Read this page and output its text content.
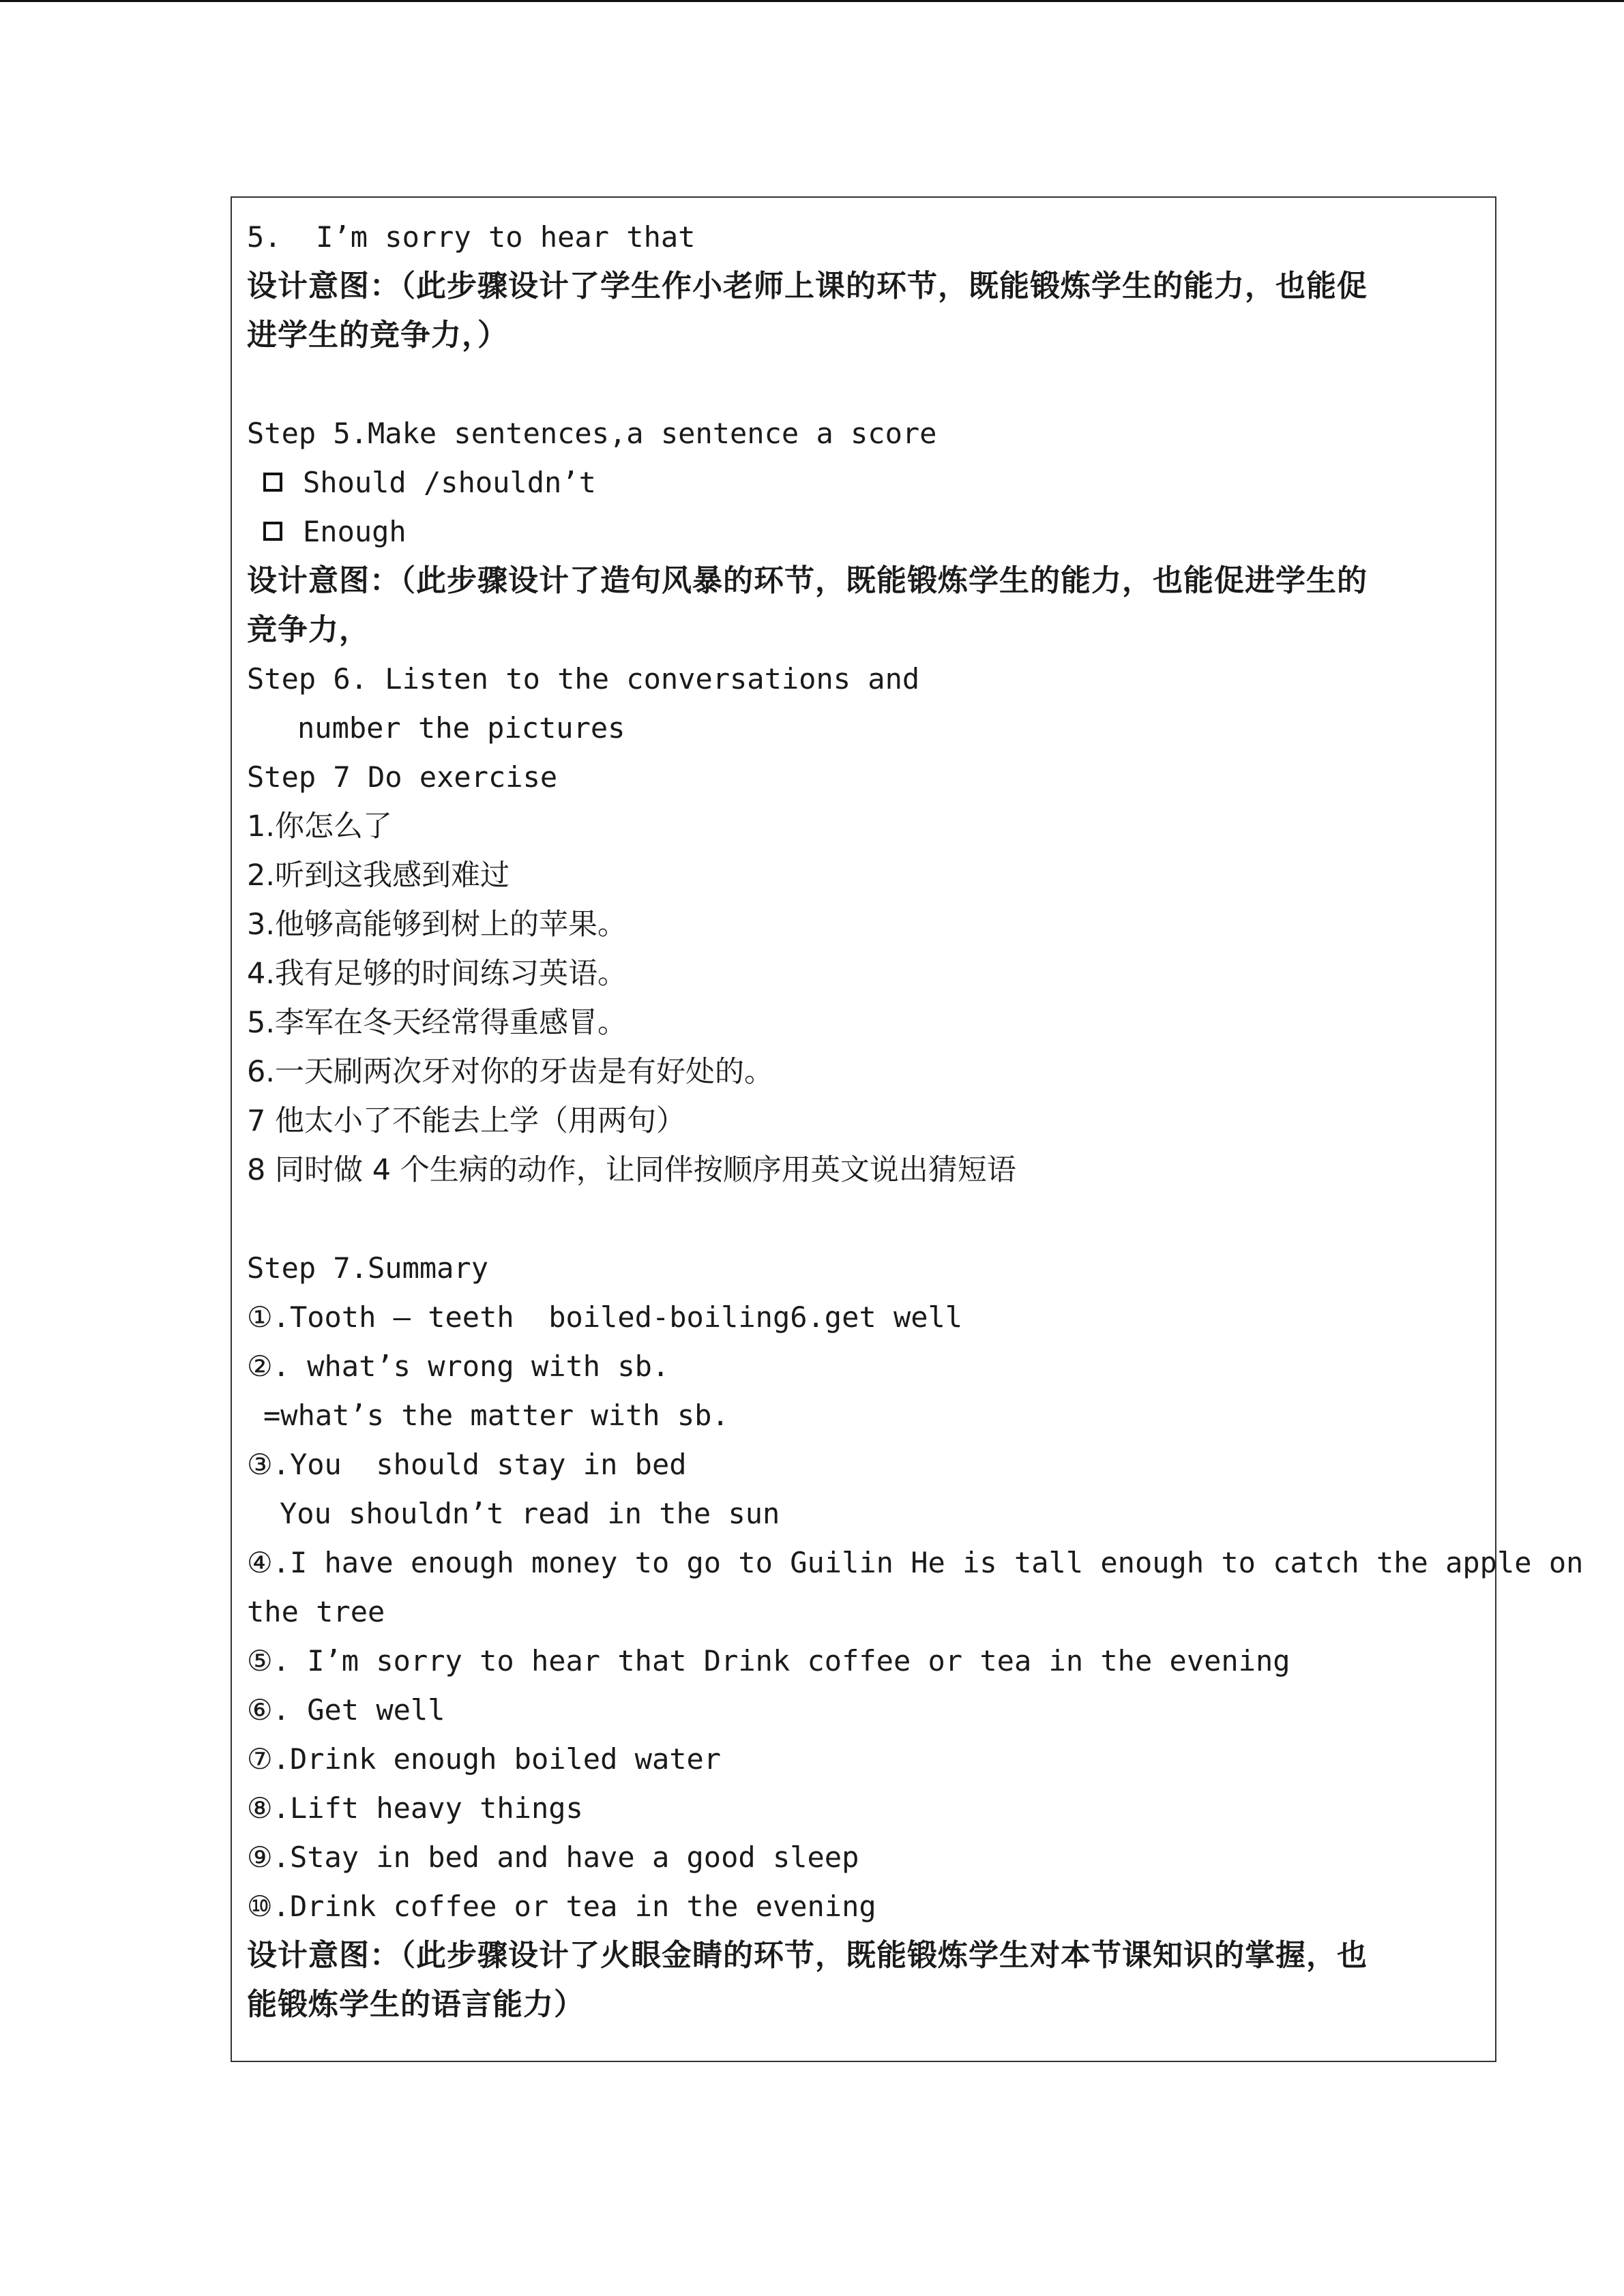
5.  I’m sorry to hear that
设计意图：（此步骤设计了学生作小老师上课的环节，既能锻炼学生的能力，也能促
进学生的竞争力，）
Step 5.Make sentences,a sentence a score
Should /shouldn’t
Enough
设计意图：（此步骤设计了造句风暴的环节，既能锻炼学生的能力，也能促进学生的
竞争力，
Step 6. Listen to the conversations and
number the pictures
Step 7 Do exercise
1.你怎么了
2.听到这我感到难过
3.他够高能够到树上的苹果。
4.我有足够的时间练习英语。
5.李军在冬天经常得重感冒。
6.一天刷两次牙对你的牙齿是有好处的。
7 他太小了不能去上学（用两句）
8 同时做 4 个生病的动作，让同伴按顺序用英文说出猜短语
Step 7.Summary
①.Tooth – teeth  boiled-boiling6.get well
②. what’s wrong with sb.
=what’s the matter with sb.
③.You  should stay in bed
You shouldn’t read in the sun
④.I have enough money to go to Guilin He is tall enough to catch the apple on
the tree
⑤. I’m sorry to hear that Drink coffee or tea in the evening
⑥. Get well
⑦.Drink enough boiled water
⑧.Lift heavy things
⑨.Stay in bed and have a good sleep
⑩.Drink coffee or tea in the evening
设计意图：（此步骤设计了火眼金睛的环节，既能锻炼学生对本节课知识的掌握，也
能锻炼学生的语言能力）
